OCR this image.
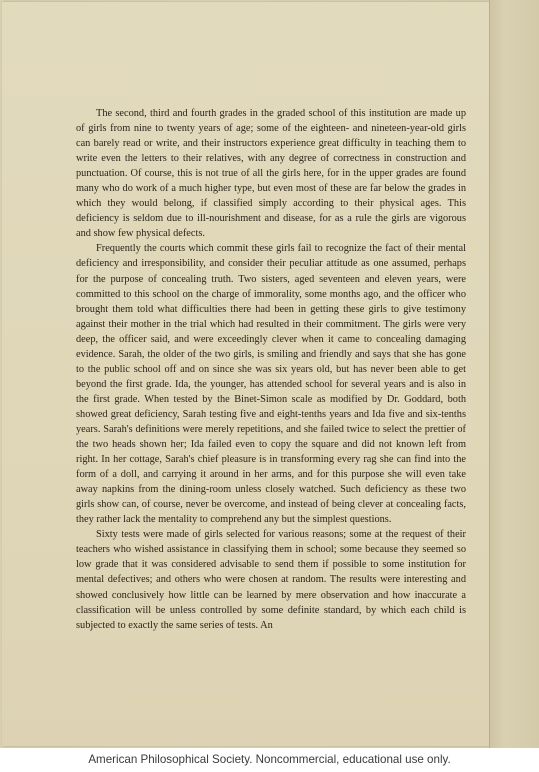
The second, third and fourth grades in the graded school of this institution are made up of girls from nine to twenty years of age; some of the eighteen- and nineteen-year-old girls can barely read or write, and their instructors experience great difficulty in teaching them to write even the letters to their relatives, with any degree of correctness in construction and punctuation. Of course, this is not true of all the girls here, for in the upper grades are found many who do work of a much higher type, but even most of these are far below the grades in which they would belong, if classified simply according to their physical ages. This deficiency is seldom due to ill-nourishment and disease, for as a rule the girls are vigorous and show few physical defects.

Frequently the courts which commit these girls fail to recognize the fact of their mental deficiency and irresponsibility, and consider their peculiar attitude as one assumed, perhaps for the purpose of concealing truth. Two sisters, aged seventeen and eleven years, were committed to this school on the charge of immorality, some months ago, and the officer who brought them told what difficulties there had been in getting these girls to give testimony against their mother in the trial which had resulted in their commitment. The girls were very deep, the officer said, and were exceedingly clever when it came to concealing damaging evidence. Sarah, the older of the two girls, is smiling and friendly and says that she has gone to the public school off and on since she was six years old, but has never been able to get beyond the first grade. Ida, the younger, has attended school for several years and is also in the first grade. When tested by the Binet-Simon scale as modified by Dr. Goddard, both showed great deficiency, Sarah testing five and eight-tenths years and Ida five and six-tenths years. Sarah's definitions were merely repetitions, and she failed twice to select the prettier of the two heads shown her; Ida failed even to copy the square and did not known left from right. In her cottage, Sarah's chief pleasure is in transforming every rag she can find into the form of a doll, and carrying it around in her arms, and for this purpose she will even take away napkins from the dining-room unless closely watched. Such deficiency as these two girls show can, of course, never be overcome, and instead of being clever at concealing facts, they rather lack the mentality to comprehend any but the simplest questions.

Sixty tests were made of girls selected for various reasons; some at the request of their teachers who wished assistance in classifying them in school; some because they seemed so low grade that it was considered advisable to send them if possible to some institution for mental defectives; and others who were chosen at random. The results were interesting and showed conclusively how little can be learned by mere observation and how inaccurate a classification will be unless controlled by some definite standard, by which each child is subjected to exactly the same series of tests. An

American Philosophical Society. Noncommercial, educational use only.
